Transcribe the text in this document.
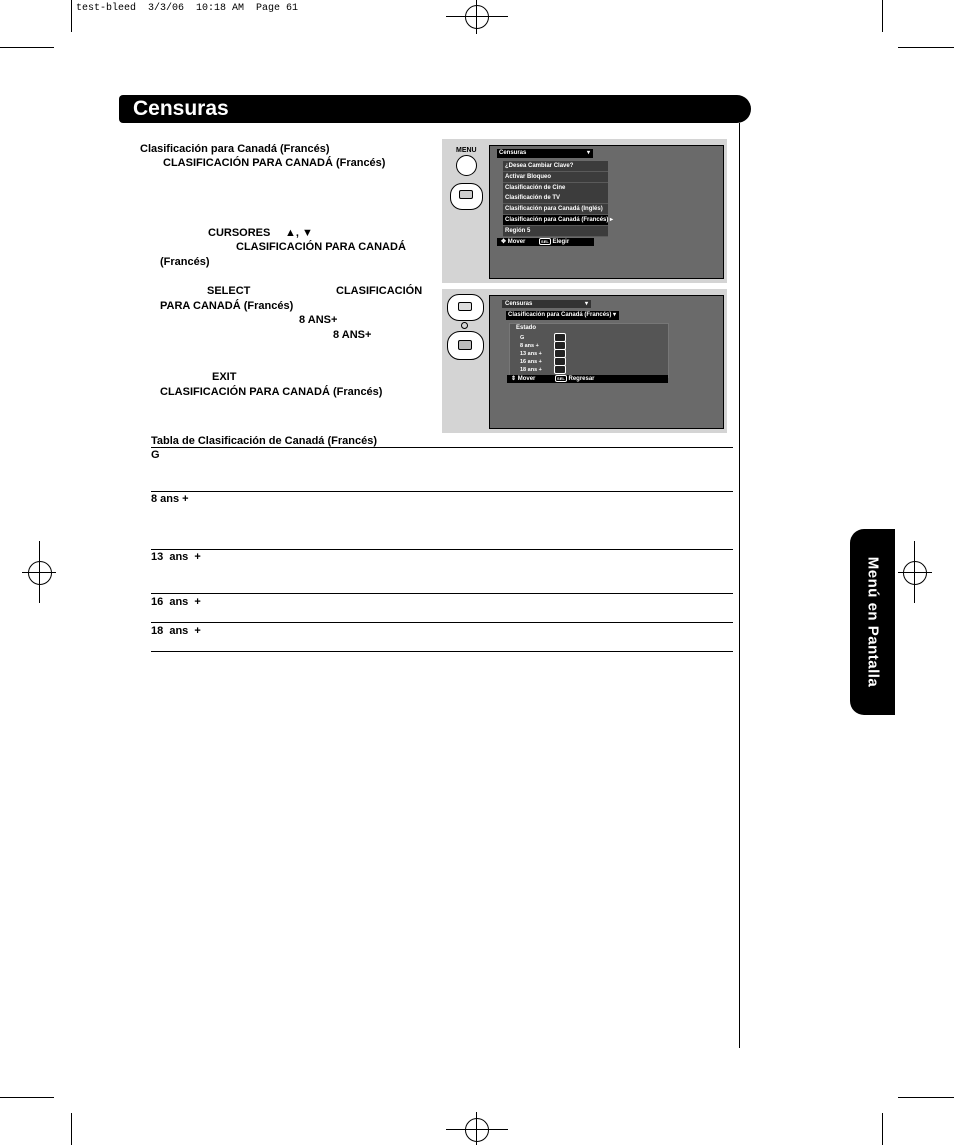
test-bleed  3/3/06  10:18 AM  Page 61
Censuras
Menú en Pantalla
Clasificación para Canadá (Francés)
CLASIFICACIÓN PARA CANADÁ (Francés)
CURSORES ▲, ▼
CLASIFICACIÓN PARA CANADÁ
(Francés)
SELECT	CLASIFICACIÓN
PARA CANADÁ (Francés)
8 ANS+
8 ANS+
EXIT
CLASIFICACIÓN PARA CANADÁ (Francés)
MENU	Censuras	▾
¿Desea Cambiar Clave?
Activar Bloqueo
Clasificación de Cine
Clasificación de TV
Clasificación para Canadá (Inglés)
Clasificación para Canadá (Francés) ▸
Región 5
✥ Mover	SEL Elegir
Censuras	▾
Clasificación para Canadá (Francés) ▾
Estado
G
8 ans +
13 ans +
16 ans +
18 ans +
⇕ Mover	SEL Regresar
Tabla de Clasificación de Canadá (Francés)
G
8 ans +
13  ans  +
16  ans  +
18  ans  +
